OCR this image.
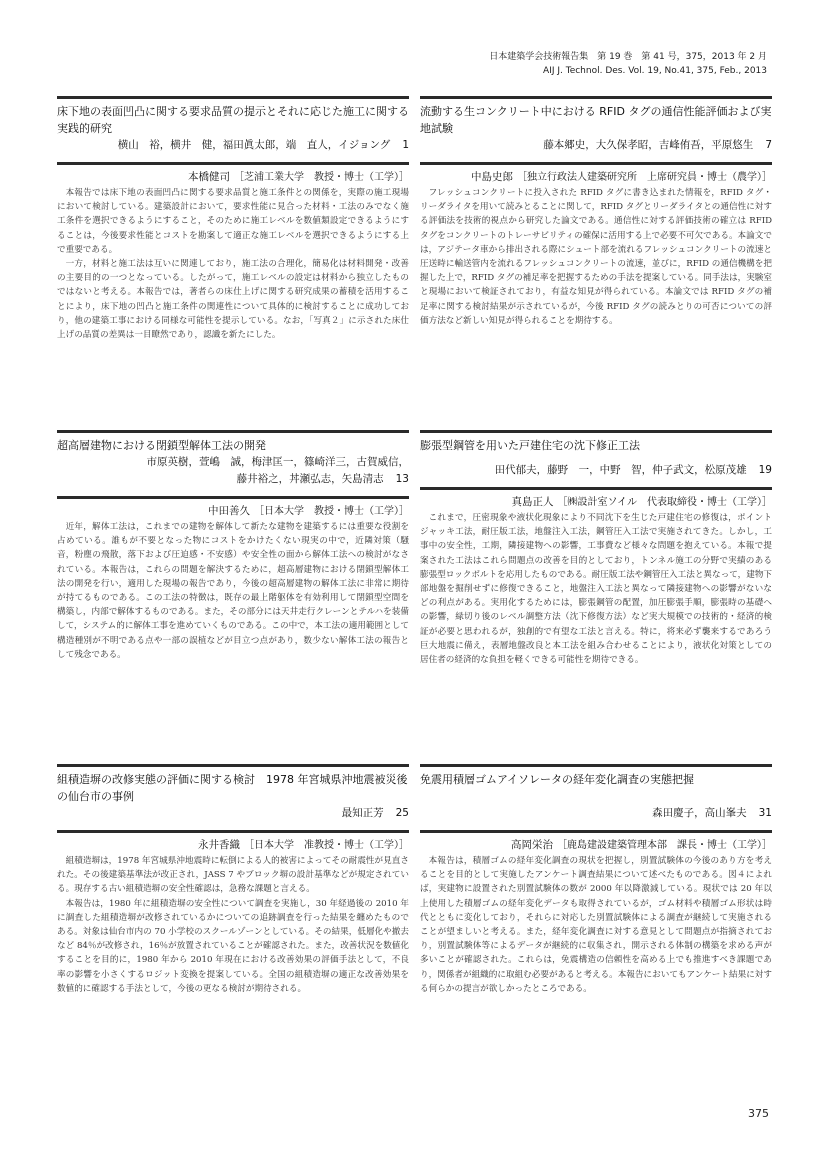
日本建築学会技術報告集　第 19 巻　第 41 号，375，2013 年 2 月
AIJ J. Technol. Des. Vol. 19, No.41, 375, Feb., 2013
床下地の表面凹凸に関する要求品質の提示とそれに応じた施工に関する実践的研究
横山　裕，横井　健，福田眞太郎，端　直人，イジョング 1
本橋健司 ［芝浦工業大学　教授・博士（工学）］

本報告では床下地の表面凹凸に関する要求品質と施工条件との関係を，実際の施工現場において検討している。建築設計において，要求性能に見合った材料・工法のみでなく施工条件を選択できるようにすること，そのために施工レベルを数値類設定できるようにすることは，今後要求性能とコストを勘案して適正な施工レベルを選択できるようにする上で重要である。

一方，材料と施工法は互いに関連しており，施工法の合理化，簡易化は材料開発・改善の主要目的の一つとなっている。したがって，施工レベルの設定は材料から独立したものではないと考える。本報告では，著者らの床仕上げに関する研究成果の蓄積を活用することにより，床下地の凹凸と施工条件の関連性について具体的に検討することに成功しており，他の建築工事における同様な可能性を提示している。なお，「写真２」に示された床仕上げの品質の差異は一目瞭然であり，認識を新たにした。

流動する生コンクリート中における RFID タグの通信性能評価および実地試験
藤本郷史，大久保孝昭，吉峰侑吾，平原悠生 7
中島史郎 ［独立行政法人建築研究所　上席研究員・博士（農学）］

フレッシュコンクリートに投入された RFID タグに書き込まれた情報を，RFID タグ・リーダライタを用いて読みとることに関して，RFID タグとリーダライタとの通信性に対する評価法を技術的視点から研究した論文である。通信性に対する評価技術の確立は RFID タグをコンクリートのトレーサビリティの確保に活用する上で必要不可欠である。本論文では，アジテータ車から排出される際にシュート部を流れるフレッシュコンクリートの流速と圧送時に輸送管内を流れるフレッシュコンクリートの流速，並びに，RFID の通信機構を把握した上で，RFID タグの補足率を把握するための手法を提案している。同手法は，実験室と現場において検証されており，有益な知見が得られている。本論文では RFID タグの補足率に関する検討結果が示されているが，今後 RFID タグの読みとりの可否についての評価方法など新しい知見が得られることを期待する。

超高層建物における閉鎖型解体工法の開発
市原英樹，萱嶋　誠，梅津匡一，篠崎洋三，古賀威信，
藤井裕之，丼瀬弘志，矢島清志 13
中田善久 ［日本大学　教授・博士（工学）］

近年，解体工法は，これまでの建物を解体して新たな建物を建築するには重要な役割を占めている。誰もが不要となった物にコストをかけたくない現実の中で，近隣対策（騒音，粉塵の飛散，落下および圧迫感・不安感）や安全性の面から解体工法への検討がなされている。本報告は，これらの問題を解決するために，超高層建物における閉鎖型解体工法の開発を行い，適用した現場の報告であり，今後の超高層建物の解体工法に非常に期待が持てるものである。この工法の特徴は，既存の最上階躯体を有効利用して閉鎖型空間を構築し，内部で解体するものである。また，その部分には天井走行クレーンとテルハを装備して，システム的に解体工事を進めていくものである。この中で，本工法の適用範囲として構造種別が不明である点や一部の誤植などが目立つ点があり，数少ない解体工法の報告として残念である。

膨張型鋼管を用いた戸建住宅の沈下修正工法
田代郁夫，藤野　一，中野　智，仲子武文，松原茂雄 19
真島正人 ［㈱設計室ソイル　代表取締役・博士（工学）］

これまで，圧密現象や液状化現象により不同沈下を生じた戸建住宅の修復は，ポイントジャッキ工法，耐圧版工法，地盤注入工法，鋼管圧入工法で実施されてきた。しかし，工事中の安全性，工期，隣接建物への影響，工事費など様々な問題を抱えている。本報で提案された工法はこれら問題点の改善を目的としており，トンネル施工の分野で実績のある膨張型ロックボルトを応用したものである。耐圧版工法や鋼管圧入工法と異なって，建物下部地盤を掘削せずに修復できること，地盤注入工法と異なって隣接建物への影響がないなどの利点がある。実用化するためには，膨張鋼管の配置，加圧膨張手順，膨張時の基礎への影響，緑切り後のレベル調整方法（沈下修復方法）など実大規模での技術的・経済的検証が必要と思われるが，独創的で有望な工法と言える。特に，将来必ず襲来するであろう巨大地震に備え，表層地盤改良と本工法を組み合わせることにより，液状化対策としての居住者の経済的な負担を軽くできる可能性を期待できる。

組積造塀の改修実態の評価に関する検討　1978 年宮城県沖地震被災後の仙台市の事例
最知正芳 25
永井香織 ［日本大学　准教授・博士（工学）］

組積造塀は，1978 年宮城県沖地震時に転倒による人的被害によってその耐震性が見直された。その後建築基準法が改正され，JASS 7 やブロック塀の設計基準などが規定されている。現存する古い組積造塀の安全性確認は，急務な課題と言える。

本報告は，1980 年に組積造塀の安全性について調査を実施し，30 年経過後の 2010 年に調査した組積造塀が改修されているかについての追跡調査を行った結果を纏めたものである。対象は仙台市内の 70 小学校のスクールゾーンとしている。その結果，低層化や撤去など 84％が改修され，16％が放置されていることが確認された。また，改善状況を数値化することを目的に，1980 年から 2010 年現在における改善効果の評価手法として，不良率の影響を小さくするロジット変換を提案している。全国の組積造塀の適正な改善効果を数値的に確認する手法として，今後の更なる検討が期待される。

免震用積層ゴムアイソレータの経年変化調査の実態把握
森田慶子，高山峯夫 31
高岡栄治 ［鹿島建設建築管理本部　課長・博士（工学）］

本報告は，積層ゴムの経年変化調査の現状を把握し，別置試験体の今後のあり方を考えることを目的として実施したアンケート調査結果について述べたものである。図４によれば，実建物に設置された別置試験体の数が 2000 年以降激減している。現状では 20 年以上使用した積層ゴムの経年変化データも取得されているが，ゴム材料や積層ゴム形状は時代とともに変化しており，それらに対応した別置試験体による調査が継続して実施されることが望ましいと考える。また，経年変化調査に対する意見として問題点が指摘されており，別置試験体等によるデータが継続的に収集され，開示される体制の構築を求める声が多いことが確認された。これらは，免震構造の信頼性を高める上でも推進すべき課題であり，関係者が組織的に取組む必要があると考える。本報告においてもアンケート結果に対する何らかの提言が欲しかったところである。

375
